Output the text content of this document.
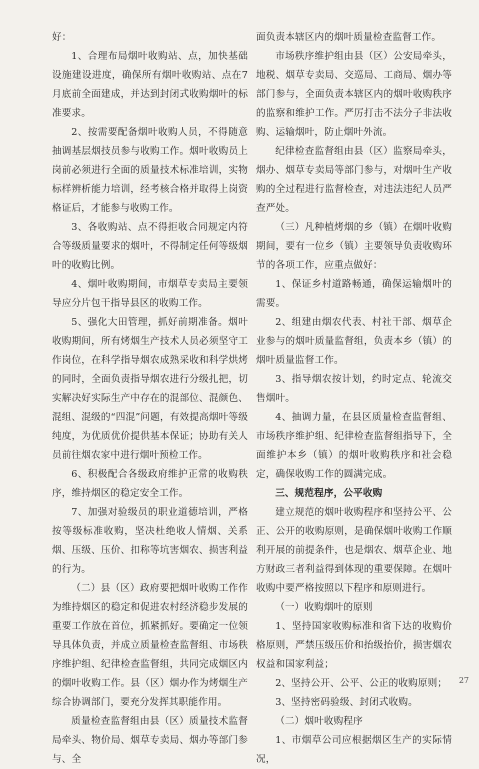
好：

1、合理布局烟叶收购站、点，加快基础设施建设进度，确保所有烟叶收购站、点在7月底前全面建成，并达到封闭式收购烟叶的标准要求。

2、按需要配备烟叶收购人员，不得随意抽调基层烟技员参与收购工作。烟叶收购员上岗前必须进行全面的质量技术标准培训，实物标样辨析能力培训，经考核合格并取得上岗资格证后，才能参与收购工作。

3、各收购站、点不得拒收合同规定内符合等级质量要求的烟叶，不得制定任何等级烟叶的收购比例。

4、烟叶收购期间，市烟草专卖局主要领导应分片包干指导县区的收购工作。

5、强化大田管理，抓好前期准备。烟叶收购期间，所有烤烟生产技术人员必须坚守工作岗位，在科学指导烟农成熟采收和科学烘烤的同时，全面负责指导烟农进行分级扎把，切实解决好实际生产中存在的混部位、混颜色、混组、混级的“四混”问题，有效提高烟叶等级纯度，为优质优价提供基本保证；协助有关人员前往烟农家中进行烟叶预检工作。

6、积极配合各级政府维护正常的收购秩序，维持烟区的稳定安全工作。

7、加强对验级员的职业道德培训，严格按等级标准收购，坚决杜绝收人情烟、关系烟、压级、压价、扣称等坑害烟农、损害利益的行为。

（二）县（区）政府要把烟叶收购工作作为维持烟区的稳定和促进农村经济稳步发展的重要工作放在首位，抓紧抓好。要确定一位领导具体负责，并成立质量检查监督组、市场秩序维护组、纪律检查监督组，共同完成烟区内的烟叶收购工作。县（区）烟办作为烤烟生产综合协调部门，要充分发挥其职能作用。

质量检查监督组由县（区）质量技术监督局牵头、物价局、烟草专卖局、烟办等部门参与、全

面负责本辖区内的烟叶质量检查监督工作。

市场秩序维护组由县（区）公安局牵头，地税、烟草专卖局、交巡局、工商局、烟办等部门参与，全面负责本辖区内的烟叶收购秩序的监察和维护工作。严厉打击不法分子非法收购、运输烟叶，防止烟叶外流。

纪律检查监督组由县（区）监察局牵头，烟办、烟草专卖局等部门参与，对烟叶生产收购的全过程进行监督检查，对违法违纪人员严查严处。

（三）凡种植烤烟的乡（镇）在烟叶收购期间，要有一位乡（镇）主要领导负责收购环节的各项工作，应重点做好：

1、保证乡村道路畅通，确保运输烟叶的需要。

2、组建由烟农代表、村社干部、烟草企业参与的烟叶质量监督组，负责本乡（镇）的烟叶质量监督工作。

3、指导烟农按计划，约时定点、轮流交售烟叶。

4、抽调力量，在县区质量检查监督组、市场秩序维护组、纪律检查监督组指导下，全面维护本乡（镇）的烟叶收购秩序和社会稳定，确保收购工作的圆满完成。

三、规范程序，公平收购

建立规范的烟叶收购程序和坚持公平、公正、公开的收购原则，是确保烟叶收购工作顺利开展的前提条件，也是烟农、烟草企业、地方财政三者利益得到体现的重要保障。在烟叶收购中要严格按照以下程序和原则进行。

（一）收购烟叶的原则

1、坚持国家收购标准和省下达的收购价格原则，严禁压级压价和抬级抬价，损害烟农权益和国家利益；

2、坚持公开、公平、公正的收购原则；

3、坚持密码验级、封闭式收购。

（二）烟叶收购程序

1、市烟草公司应根据烟区生产的实际情况，

27
